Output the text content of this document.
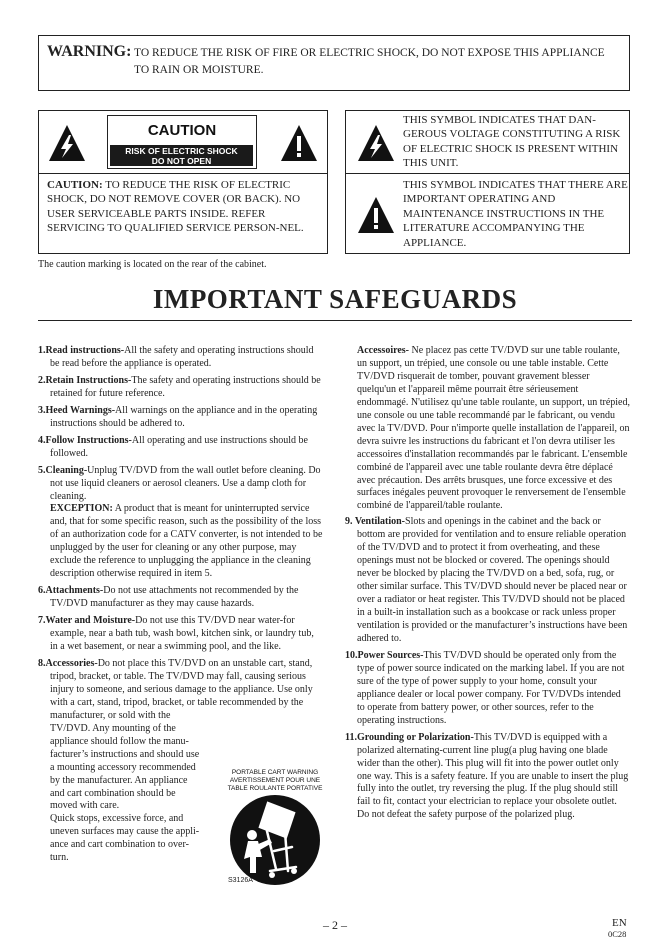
WARNING: TO REDUCE THE RISK OF FIRE OR ELECTRIC SHOCK, DO NOT EXPOSE THIS APPLIANCE
TO RAIN OR MOISTURE.
CAUTION
RISK OF ELECTRIC SHOCK
DO NOT OPEN
CAUTION: TO REDUCE THE RISK OF ELECTRIC SHOCK, DO NOT REMOVE COVER (OR BACK). NO USER SERVICEABLE PARTS INSIDE. REFER SERVICING TO QUALIFIED SERVICE PERSON-NEL.
THIS SYMBOL INDICATES THAT DAN-GEROUS VOLTAGE CONSTITUTING A RISK OF ELECTRIC SHOCK IS PRESENT WITHIN THIS UNIT.
THIS SYMBOL INDICATES THAT THERE ARE IMPORTANT OPERATING AND MAINTENANCE INSTRUCTIONS IN THE LITERATURE ACCOMPANYING THE APPLIANCE.
The caution marking is located on the rear of the cabinet.
IMPORTANT SAFEGUARDS

1.Read instructions-All the safety and operating instructions should be read before the appliance is operated.

2.Retain Instructions-The safety and operating instructions should be retained for future reference.

3.Heed Warnings-All warnings on the appliance and in the operating instructions should be adhered to.

4.Follow Instructions-All operating and use instructions should be followed.

5.Cleaning-Unplug TV/DVD from the wall outlet before cleaning. Do not use liquid cleaners or aerosol cleaners. Use a damp cloth for cleaning.

EXCEPTION: A product that is meant for uninterrupted service and, that for some specific reason, such as the possibility of the loss of an authorization code for a CATV converter, is not intended to be unplugged by the user for cleaning or any other purpose, may exclude the reference to unplugging the appliance in the cleaning description otherwise required in item 5.

6.Attachments-Do not use attachments not recommended by the TV/DVD manufacturer as they may cause hazards.

7.Water and Moisture-Do not use this TV/DVD near water-for example, near a bath tub, wash bowl, kitchen sink, or laundry tub, in a wet basement, or near a swimming pool, and the like.

8.Accessories-Do not place this TV/DVD on an unstable cart, stand, tripod, bracket, or table. The TV/DVD may fall, causing serious injury to someone, and serious damage to the appliance. Use only with a cart, stand, tripod, bracket, or table recommended by the manufacturer, or sold with the

TV/DVD. Any mounting of the
appliance should follow the manu-
facturer’s instructions and should use
a mounting accessory recommended
by the manufacturer. An appliance
and cart combination should be
moved with care.
Quick stops, excessive force, and
uneven surfaces may cause the appli-
ance and cart combination to over-
turn.
PORTABLE CART WARNING
AVERTISSEMENT POUR UNE
TABLE ROULANTE PORTATIVE
S3126A

Accessoires- Ne placez pas cette TV/DVD sur une table roulante, un support, un trépied, une console ou une table instable. Cette TV/DVD risquerait de tomber, pouvant gravement blesser quelqu'un et l'appareil même pourrait être sérieusement endommagé. N'utilisez qu'une table roulante, un support, un trépied, une console ou une table recommandé par le fabricant, ou vendu avec la TV/DVD. Pour n'importe quelle installation de l'appareil, on devra suivre les instructions du fabricant et l'on devra utiliser les accessoires d'installation recommandés par le fabricant. L'ensemble combiné de l'appareil avec une table roulante devra être déplacé avec précaution. Des arrêts brusques, une force excessive et des surfaces inégales peuvent provoquer le renversement de l'ensemble combiné de l'appareil/table roulante.

9. Ventilation-Slots and openings in the cabinet and the back or bottom are provided for ventilation and to ensure reliable operation of the TV/DVD and to protect it from overheating, and these openings must not be blocked or covered. The openings should never be blocked by placing the TV/DVD on a bed, sofa, rug, or other similar surface. This TV/DVD should never be placed near or over a radiator or heat register. This TV/DVD should not be placed in a built-in installation such as a bookcase or rack unless proper ventilation is provided or the manufacturer’s instructions have been adhered to.

10.Power Sources-This TV/DVD should be operated only from the type of power source indicated on the marking label. If you are not sure of the type of power supply to your home, consult your appliance dealer or local power company. For TV/DVDs intended to operate from battery power, or other sources, refer to the operating instructions.

11.Grounding or Polarization-This TV/DVD is equipped with a polarized alternating-current line plug(a plug having one blade wider than the other). This plug will fit into the power outlet only one way. This is a safety feature. If you are unable to insert the plug fully into the outlet, try reversing the plug. If the plug should still fail to fit, contact your electrician to replace your obsolete outlet. Do not defeat the safety purpose of the polarized plug.

– 2 –	EN
0C28
